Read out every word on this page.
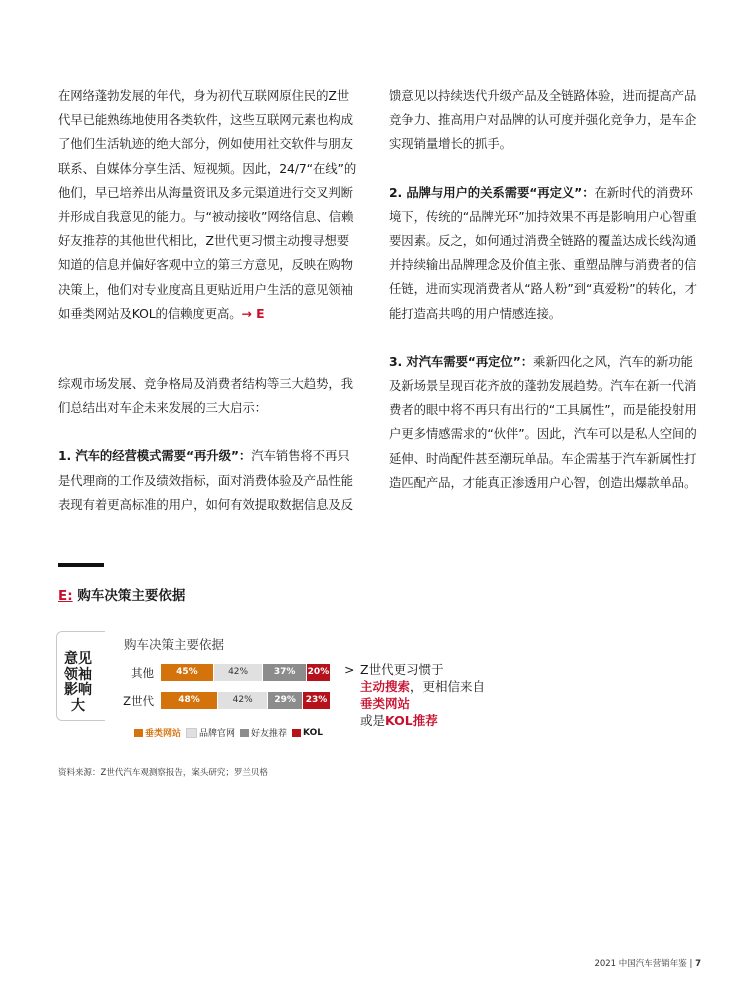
在网络蓬勃发展的年代，身为初代互联网原住民的Z世代早已能熟练地使用各类软件，这些互联网元素也构成了他们生活轨迹的绝大部分，例如使用社交软件与朋友联系、自媒体分享生活、短视频。因此，24/7“在线”的他们，早已培养出从海量资讯及多元渠道进行交叉判断并形成自我意见的能力。与“被动接收”网络信息、信赖好友推荐的其他世代相比，Z世代更习惯主动搜寻想要知道的信息并偏好客观中立的第三方意见，反映在购物决策上，他们对专业度高且更贴近用户生活的意见领袖如垂类网站及KOL的信赖度更高。→ E

综观市场发展、竞争格局及消费者结构等三大趋势，我们总结出对车企未来发展的三大启示：

1. 汽车的经营模式需要“再升级”：汽车销售将不再只是代理商的工作及绩效指标，面对消费体验及产品性能表现有着更高标准的用户，如何有效提取数据信息及反

馈意见以持续迭代升级产品及全链路体验，进而提高产品竞争力、推高用户对品牌的认可度并强化竞争力，是车企实现销量增长的抓手。

2. 品牌与用户的关系需要“再定义”：在新时代的消费环境下，传统的“品牌光环”加持效果不再是影响用户心智重要因素。反之，如何通过消费全链路的覆盖达成长线沟通并持续输出品牌理念及价值主张、重塑品牌与消费者的信任链，进而实现消费者从“路人粉”到“真爱粉”的转化，才能打造高共鸣的用户情感连接。

3. 对汽车需要“再定位”：乘新四化之风，汽车的新功能及新场景呈现百花齐放的蓬勃发展趋势。汽车在新一代消费者的眼中将不再只有出行的“工具属性”，而是能投射用户更多情感需求的“伙伴”。因此，汽车可以是私人空间的延伸、时尚配件甚至潮玩单品。车企需基于汽车新属性打造匹配产品，才能真正渗透用户心智，创造出爆款单品。

E: 购车决策主要依据
意见领袖影响大
购车决策主要依据
其他	45%	42%	37%	20%
Z世代	48%	42%	29%	23%
垂类网站 品牌官网 好友推荐 KOL
> Z世代更习惯于
主动搜索，更相信来自垂类网站
或是KOL推荐
资料来源：Z世代汽车观测察报告，案头研究；罗兰贝格
2021 中国汽车营销年鉴 | 7
